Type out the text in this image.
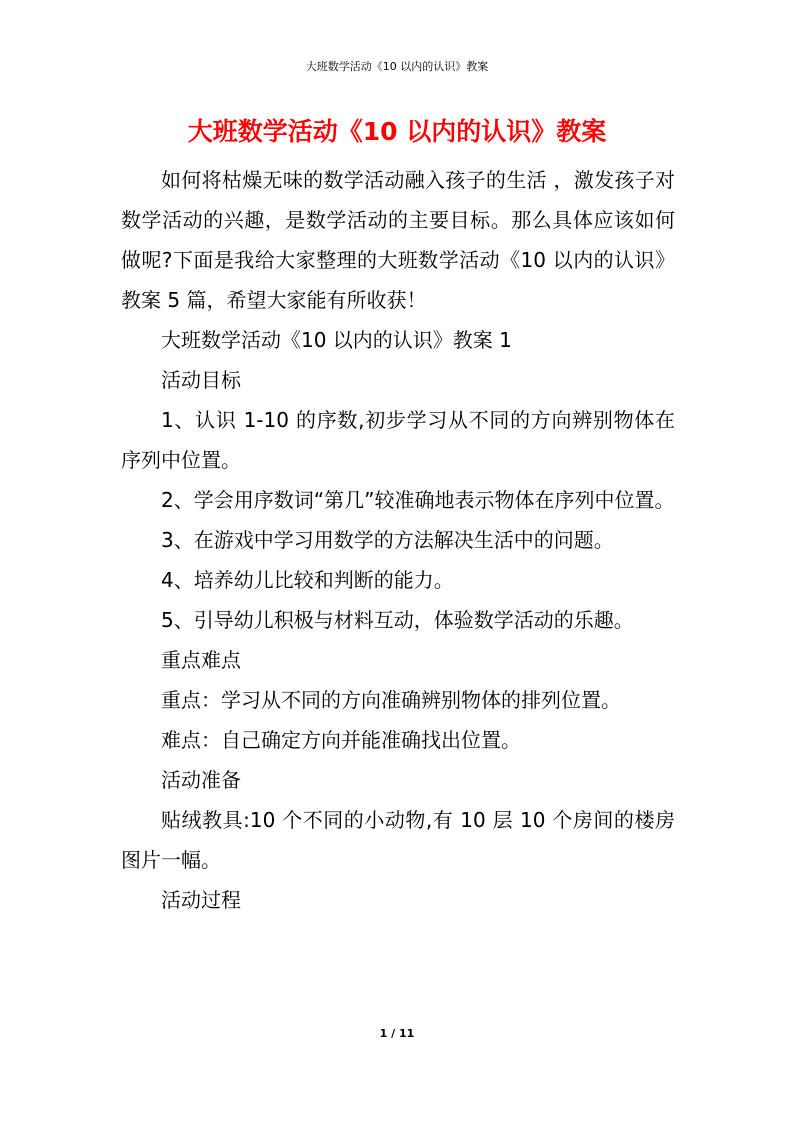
大班数学活动《10 以内的认识》教案
大班数学活动《10 以内的认识》教案

如何将枯燥无味的数学活动融入孩子的生活 ，激发孩子对数学活动的兴趣，是数学活动的主要目标。那么具体应该如何做呢?下面是我给大家整理的大班数学活动《10 以内的认识》教案 5 篇，希望大家能有所收获！

大班数学活动《10 以内的认识》教案 1

活动目标

1、认识 1-10 的序数,初步学习从不同的方向辨别物体在序列中位置。

2、学会用序数词“第几”较准确地表示物体在序列中位置。

3、在游戏中学习用数学的方法解决生活中的问题。

4、培养幼儿比较和判断的能力。

5、引导幼儿积极与材料互动，体验数学活动的乐趣。

重点难点

重点：学习从不同的方向准确辨别物体的排列位置。

难点：自己确定方向并能准确找出位置。

活动准备

贴绒教具:10 个不同的小动物,有 10 层 10 个房间的楼房图片一幅。

活动过程

1 / 11
